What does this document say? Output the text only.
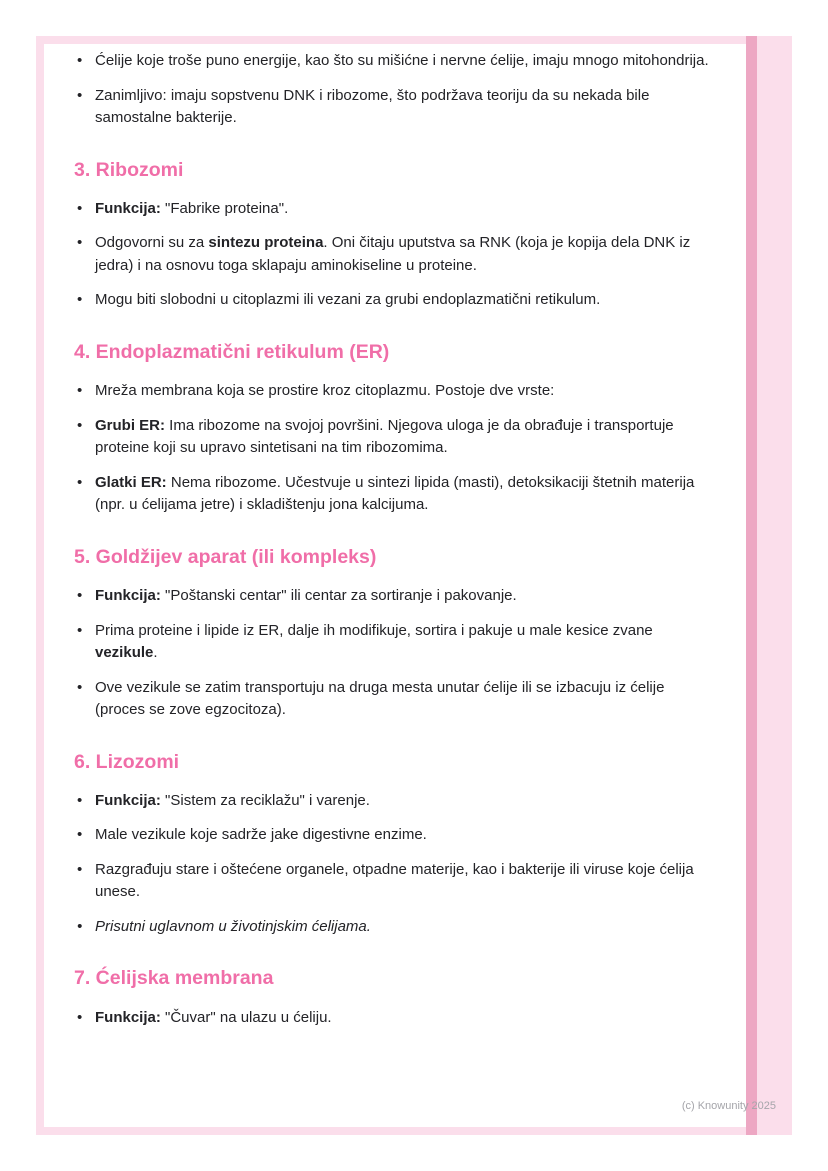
• Ćelije koje troše puno energije, kao što su mišićne i nervne ćelije, imaju mnogo mitohondrija.
• Zanimljivo: imaju sopstvenu DNK i ribozome, što podržava teoriju da su nekada bile samostalne bakterije.
3. Ribozomi
• Funkcija: "Fabrike proteina".
• Odgovorni su za sintezu proteina. Oni čitaju uputstva sa RNK (koja je kopija dela DNK iz jedra) i na osnovu toga sklapaju aminokiseline u proteine.
• Mogu biti slobodni u citoplazmi ili vezani za grubi endoplazmatični retikulum.
4. Endoplazmatični retikulum (ER)
• Mreža membrana koja se prostire kroz citoplazmu. Postoje dve vrste:
• Grubi ER: Ima ribozome na svojoj površini. Njegova uloga je da obrađuje i transportuje proteine koji su upravo sintetisani na tim ribozomima.
• Glatki ER: Nema ribozome. Učestvuje u sintezi lipida (masti), detoksikaciji štetnih materija (npr. u ćelijama jetre) i skladištenju jona kalcijuma.
5. Goldžijev aparat (ili kompleks)
• Funkcija: "Poštanski centar" ili centar za sortiranje i pakovanje.
• Prima proteine i lipide iz ER, dalje ih modifikuje, sortira i pakuje u male kesice zvane vezikule.
• Ove vezikule se zatim transportuju na druga mesta unutar ćelije ili se izbacuju iz ćelije (proces se zove egzocitoza).
6. Lizozomi
• Funkcija: "Sistem za reciklažu" i varenje.
• Male vezikule koje sadrže jake digestivne enzime.
• Razgrađuju stare i oštećene organele, otpadne materije, kao i bakterije ili viruse koje ćelija unese.
• Prisutni uglavnom u životinjskim ćelijama.
7. Ćelijska membrana
• Funkcija: "Čuvar" na ulazu u ćeliju.
(c) Knowunity 2025
